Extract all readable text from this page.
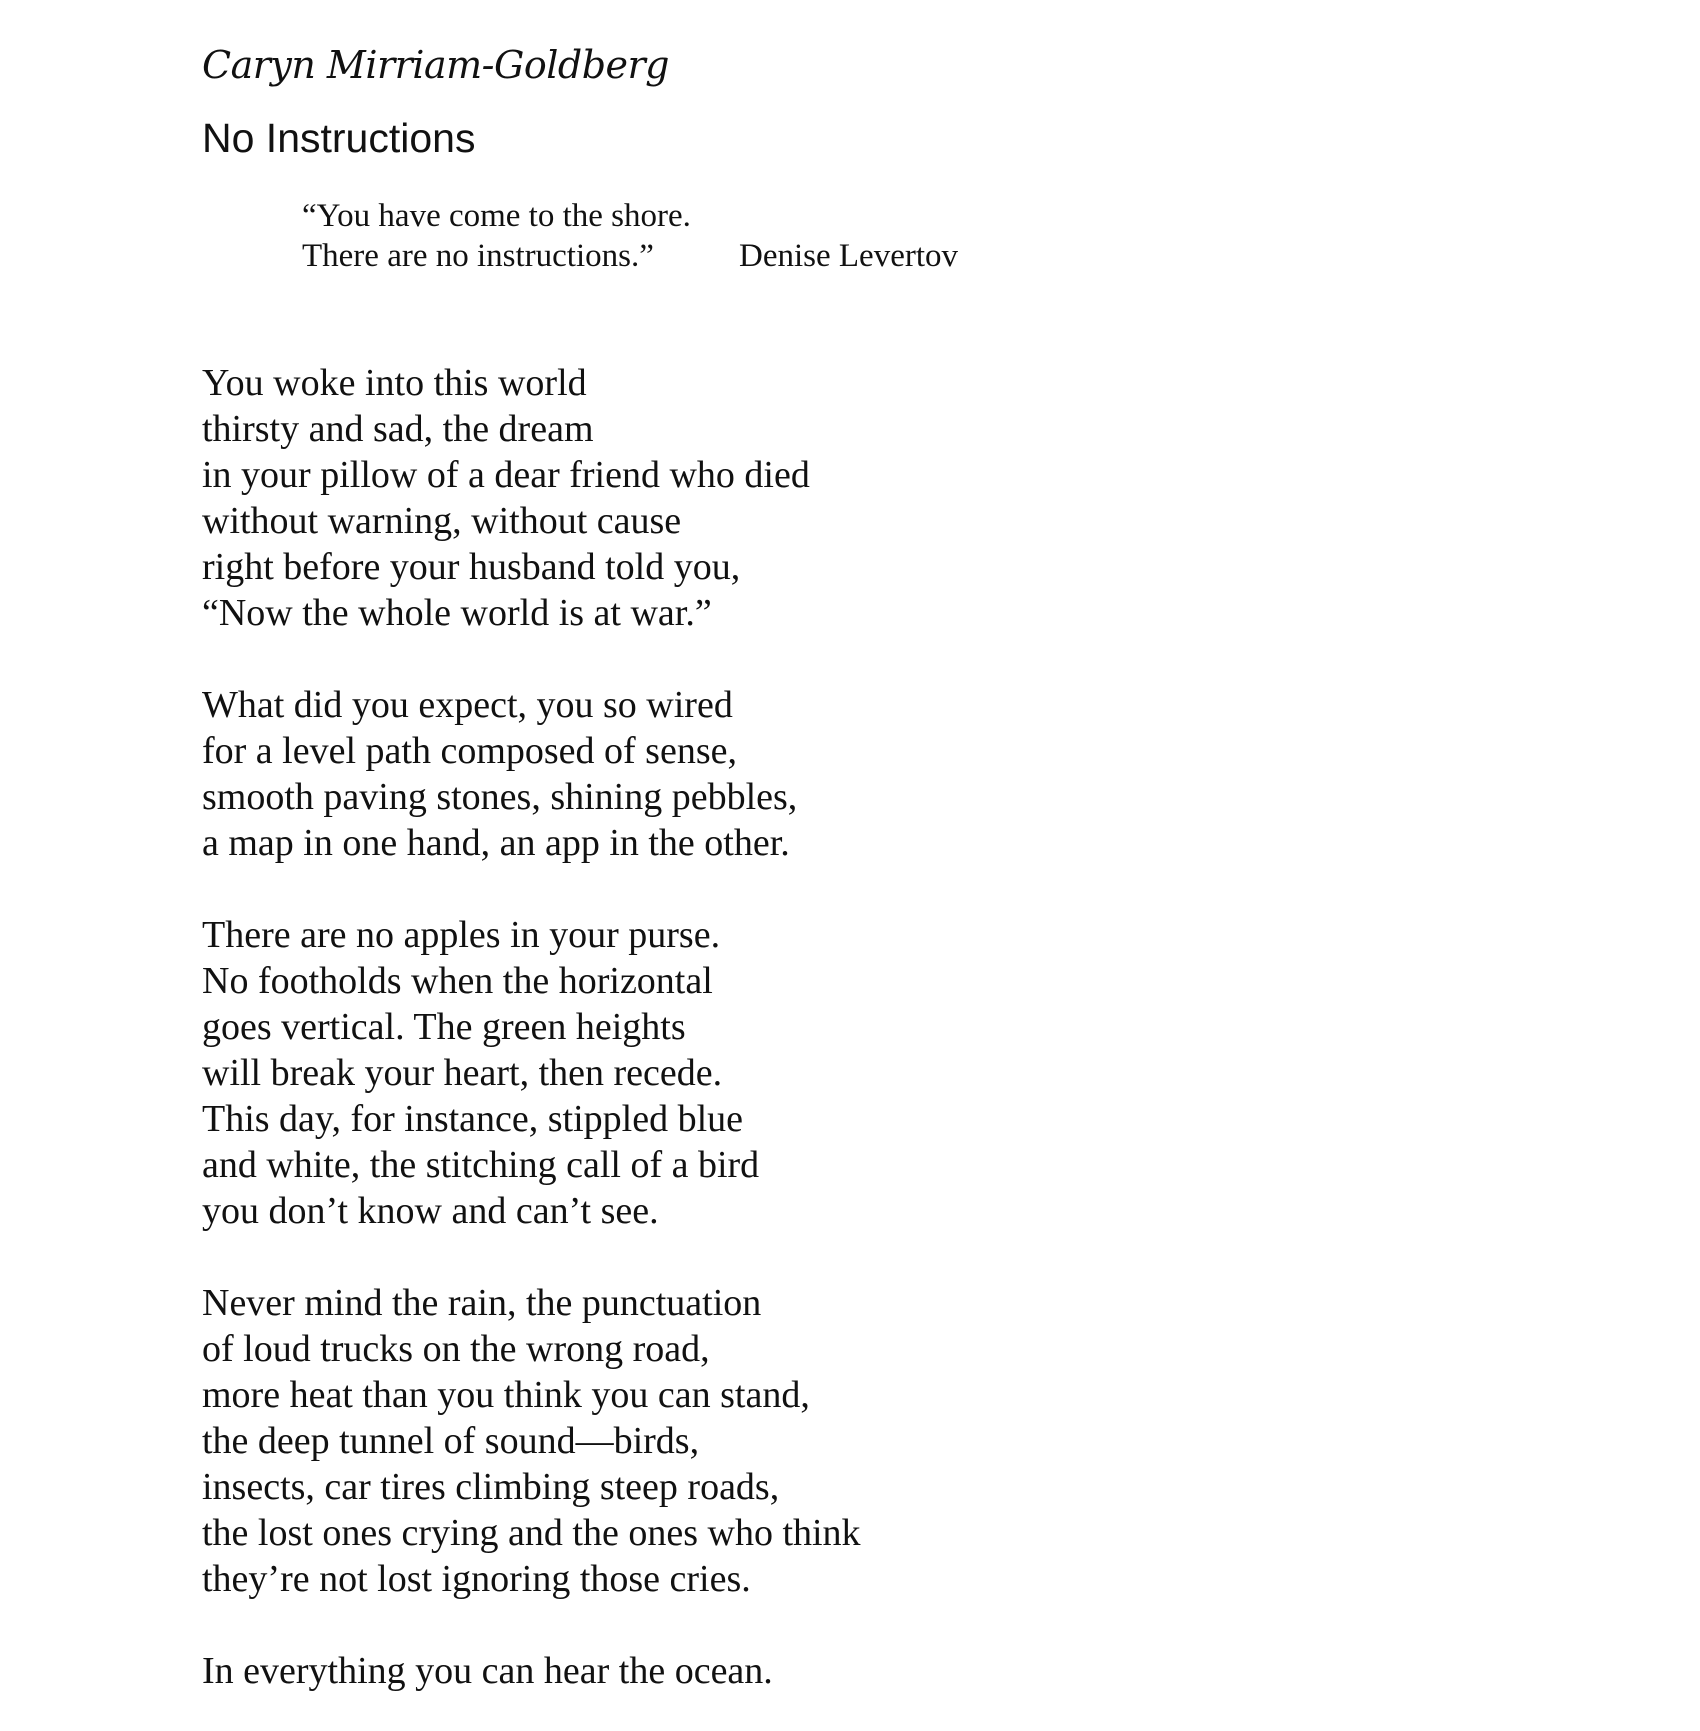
Caryn Mirriam-Goldberg
No Instructions
“You have come to the shore.
There are no instructions.”	Denise Levertov
You woke into this world
thirsty and sad, the dream
in your pillow of a dear friend who died
without warning, without cause
right before your husband told you,
“Now the whole world is at war.”
What did you expect, you so wired
for a level path composed of sense,
smooth paving stones, shining pebbles,
a map in one hand, an app in the other.
There are no apples in your purse.
No footholds when the horizontal
goes vertical. The green heights
will break your heart, then recede.
This day, for instance, stippled blue
and white, the stitching call of a bird
you don’t know and can’t see.
Never mind the rain, the punctuation
of loud trucks on the wrong road,
more heat than you think you can stand,
the deep tunnel of sound—birds,
insects, car tires climbing steep roads,
the lost ones crying and the ones who think
they’re not lost ignoring those cries.
In everything you can hear the ocean.
